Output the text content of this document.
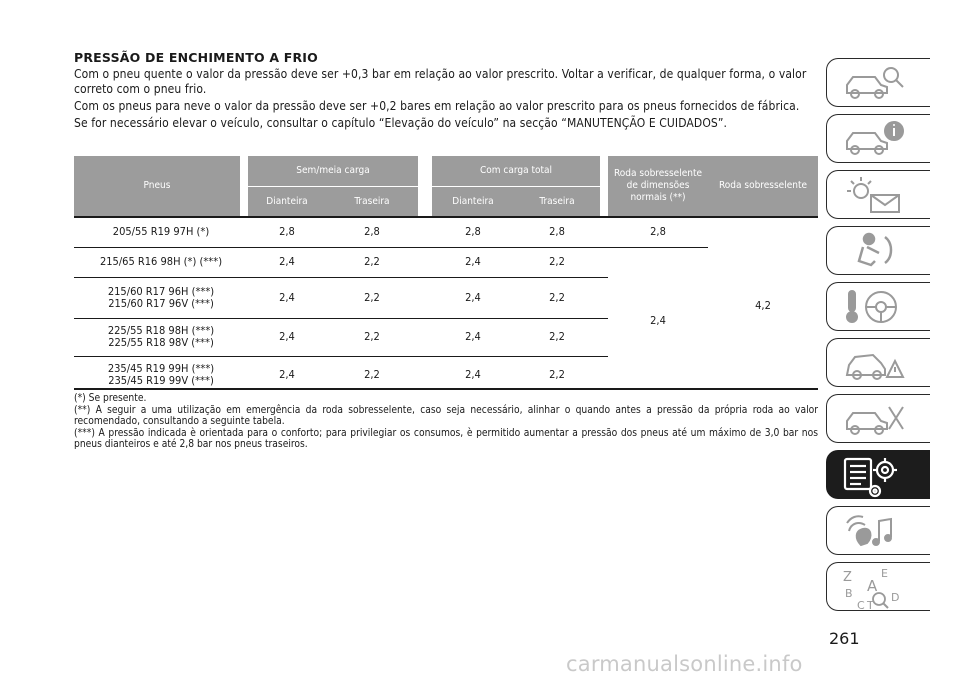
PRESSÃO DE ENCHIMENTO A FRIO

Com o pneu quente o valor da pressão deve ser +0,3 bar em relação ao valor prescrito. Voltar a verificar, de qualquer forma, o valor correto com o pneu frio.

Com os pneus para neve o valor da pressão deve ser +0,2 bares em relação ao valor prescrito para os pneus fornecidos de fábrica.

Se for necessário elevar o veículo, consultar o capítulo “Elevação do veículo” na secção “MANUTENÇÃO E CUIDADOS”.

Pneus		Sem/meia carga			Com carga total			Roda sobresselente de dimensões normais (**)	Roda sobresselente
		Dianteira	Traseira		Dianteira	Traseira			
205/55 R19 97H (*)		2,8	2,8		2,8	2,8		2,8	4,2
215/65 R16 98H (*) (***)		2,4	2,2		2,4	2,2		2,4	
215/60 R17 96H (***)
215/60 R17 96V (***)		2,4	2,2		2,4	2,2			
225/55 R18 98H (***)
225/55 R18 98V (***)		2,4	2,2		2,4	2,2			
235/45 R19 99H (***)
235/45 R19 99V (***)		2,4	2,2		2,4	2,2			

(*) Se presente.

(**) A seguir a uma utilização em emergência da roda sobresselente, caso seja necessário, alinhar o quando antes a pressão da própria roda ao valor recomendado, consultando a seguinte tabela.

(***) A pressão indicada è orientada para o conforto; para privilegiar os consumos, è permitido aumentar a pressão dos pneus até um máximo de 3,0 bar nos pneus dianteiros e até 2,8 bar nos pneus traseiros.

Z	E
A
B
C
D
T
261
carmanualsonline.info
